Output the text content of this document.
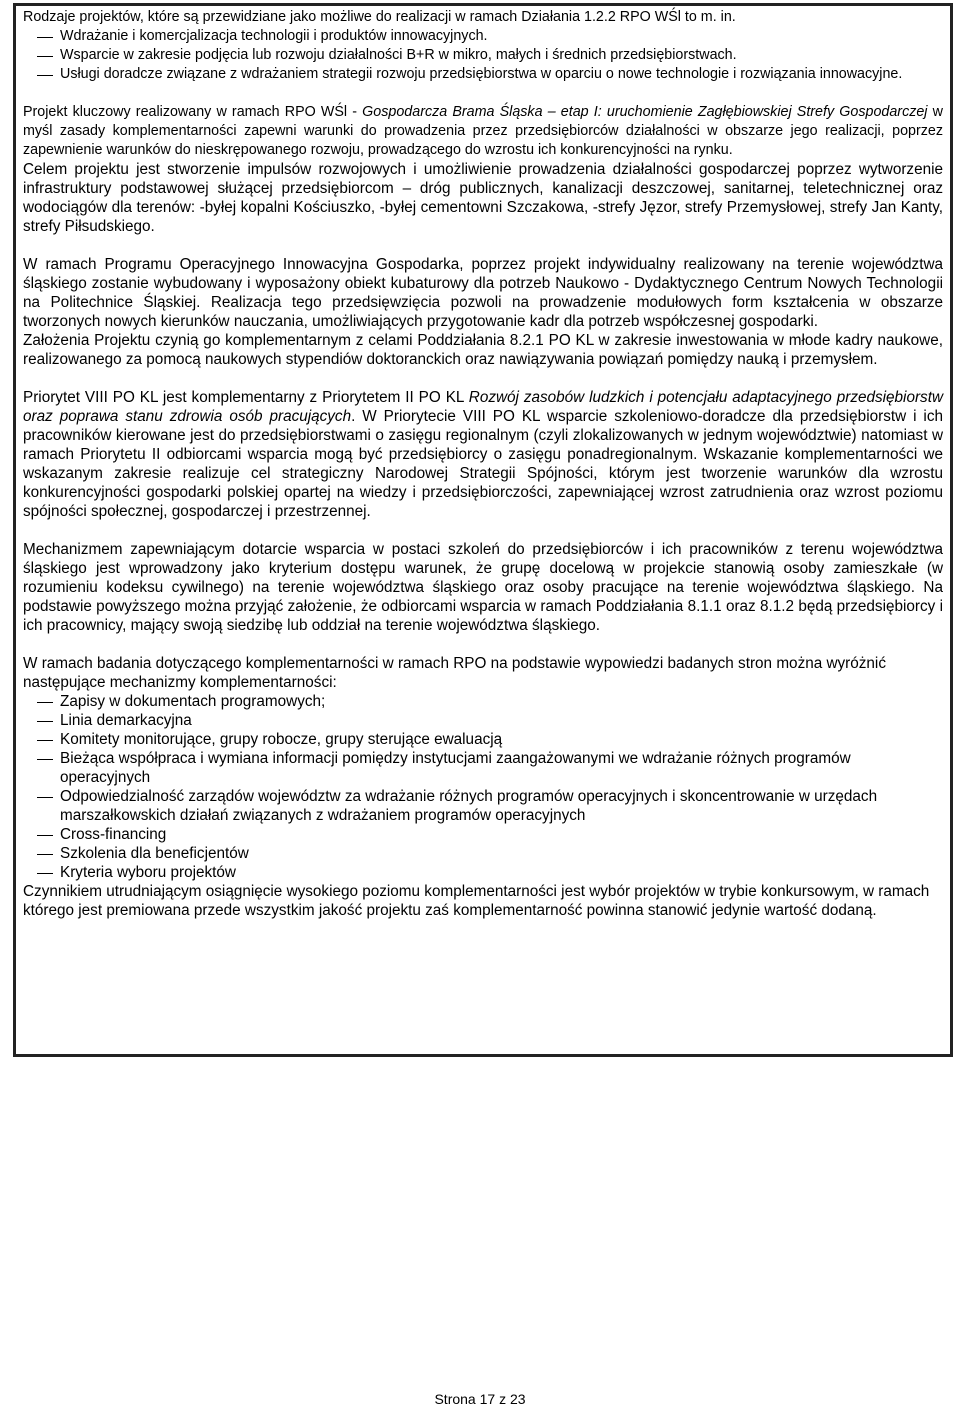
Rodzaje projektów, które są przewidziane jako możliwe do realizacji w ramach Działania 1.2.2 RPO WŚl to m. in.

Wdrażanie i komercjalizacja technologii i produktów innowacyjnych.
Wsparcie w zakresie podjęcia lub rozwoju działalności B+R w mikro, małych i średnich przedsiębiorstwach.
Usługi doradcze związane z wdrażaniem strategii rozwoju przedsiębiorstwa w oparciu o nowe technologie i rozwiązania innowacyjne.

Projekt kluczowy realizowany w ramach RPO WŚl - Gospodarcza Brama Śląska – etap I: uruchomienie Zagłębiowskiej Strefy Gospodarczej w myśl zasady komplementarności zapewni warunki do prowadzenia przez przedsiębiorców działalności w obszarze jego realizacji, poprzez zapewnienie warunków do nieskrępowanego rozwoju, prowadzącego do wzrostu ich konkurencyjności na rynku.

Celem projektu jest stworzenie impulsów rozwojowych i umożliwienie prowadzenia działalności gospodarczej poprzez wytworzenie infrastruktury podstawowej służącej przedsiębiorcom – dróg publicznych, kanalizacji deszczowej, sanitarnej, teletechnicznej oraz wodociągów dla terenów: -byłej kopalni Kościuszko, -byłej cementowni Szczakowa, -strefy Jęzor, strefy Przemysłowej, strefy Jan Kanty, strefy Piłsudskiego.

W ramach Programu Operacyjnego Innowacyjna Gospodarka, poprzez projekt indywidualny realizowany na terenie województwa śląskiego zostanie wybudowany i wyposażony obiekt kubaturowy dla potrzeb Naukowo - Dydaktycznego Centrum Nowych Technologii na Politechnice Śląskiej. Realizacja tego przedsięwzięcia pozwoli na prowadzenie modułowych form kształcenia w obszarze tworzonych nowych kierunków nauczania, umożliwiających przygotowanie kadr dla potrzeb współczesnej gospodarki.

Założenia Projektu czynią go komplementarnym z celami Poddziałania 8.2.1 PO KL w zakresie inwestowania w młode kadry naukowe, realizowanego za pomocą naukowych stypendiów doktoranckich oraz nawiązywania powiązań pomiędzy nauką i przemysłem.

Priorytet VIII PO KL jest komplementarny z Priorytetem II PO KL Rozwój zasobów ludzkich i potencjału adaptacyjnego przedsiębiorstw oraz poprawa stanu zdrowia osób pracujących. W Priorytecie VIII PO KL wsparcie szkoleniowo-doradcze dla przedsiębiorstw i ich pracowników kierowane jest do przedsiębiorstwami o zasięgu regionalnym (czyli zlokalizowanych w jednym województwie) natomiast w ramach Priorytetu II odbiorcami wsparcia mogą być przedsiębiorcy o zasięgu ponadregionalnym. Wskazanie komplementarności we wskazanym zakresie realizuje cel strategiczny Narodowej Strategii Spójności, którym jest tworzenie warunków dla wzrostu konkurencyjności gospodarki polskiej opartej na wiedzy i przedsiębiorczości, zapewniającej wzrost zatrudnienia oraz wzrost poziomu spójności społecznej, gospodarczej i przestrzennej.

Mechanizmem zapewniającym dotarcie wsparcia w postaci szkoleń do przedsiębiorców i ich pracowników z terenu województwa śląskiego jest wprowadzony jako kryterium dostępu warunek, że grupę docelową w projekcie stanowią osoby zamieszkałe (w rozumieniu kodeksu cywilnego) na terenie województwa śląskiego oraz osoby pracujące na terenie województwa śląskiego. Na podstawie powyższego można przyjąć założenie, że odbiorcami wsparcia w ramach Poddziałania 8.1.1 oraz 8.1.2 będą przedsiębiorcy i ich pracownicy, mający swoją siedzibę lub oddział na terenie województwa śląskiego.

W ramach badania dotyczącego komplementarności w ramach RPO na podstawie wypowiedzi badanych stron można wyróżnić następujące mechanizmy komplementarności:

Zapisy w dokumentach programowych;
Linia demarkacyjna
Komitety monitorujące, grupy robocze, grupy sterujące ewaluacją
Bieżąca współpraca i wymiana informacji pomiędzy instytucjami zaangażowanymi we wdrażanie różnych programów operacyjnych
Odpowiedzialność zarządów województw za wdrażanie różnych programów operacyjnych i skoncentrowanie w urzędach marszałkowskich działań związanych z wdrażaniem programów operacyjnych
Cross-financing
Szkolenia dla beneficjentów
Kryteria wyboru projektów

Czynnikiem utrudniającym osiągnięcie wysokiego poziomu komplementarności jest wybór projektów w trybie konkursowym, w ramach którego jest premiowana przede wszystkim jakość projektu zaś komplementarność powinna stanowić jedynie wartość dodaną.

Strona 17 z 23
